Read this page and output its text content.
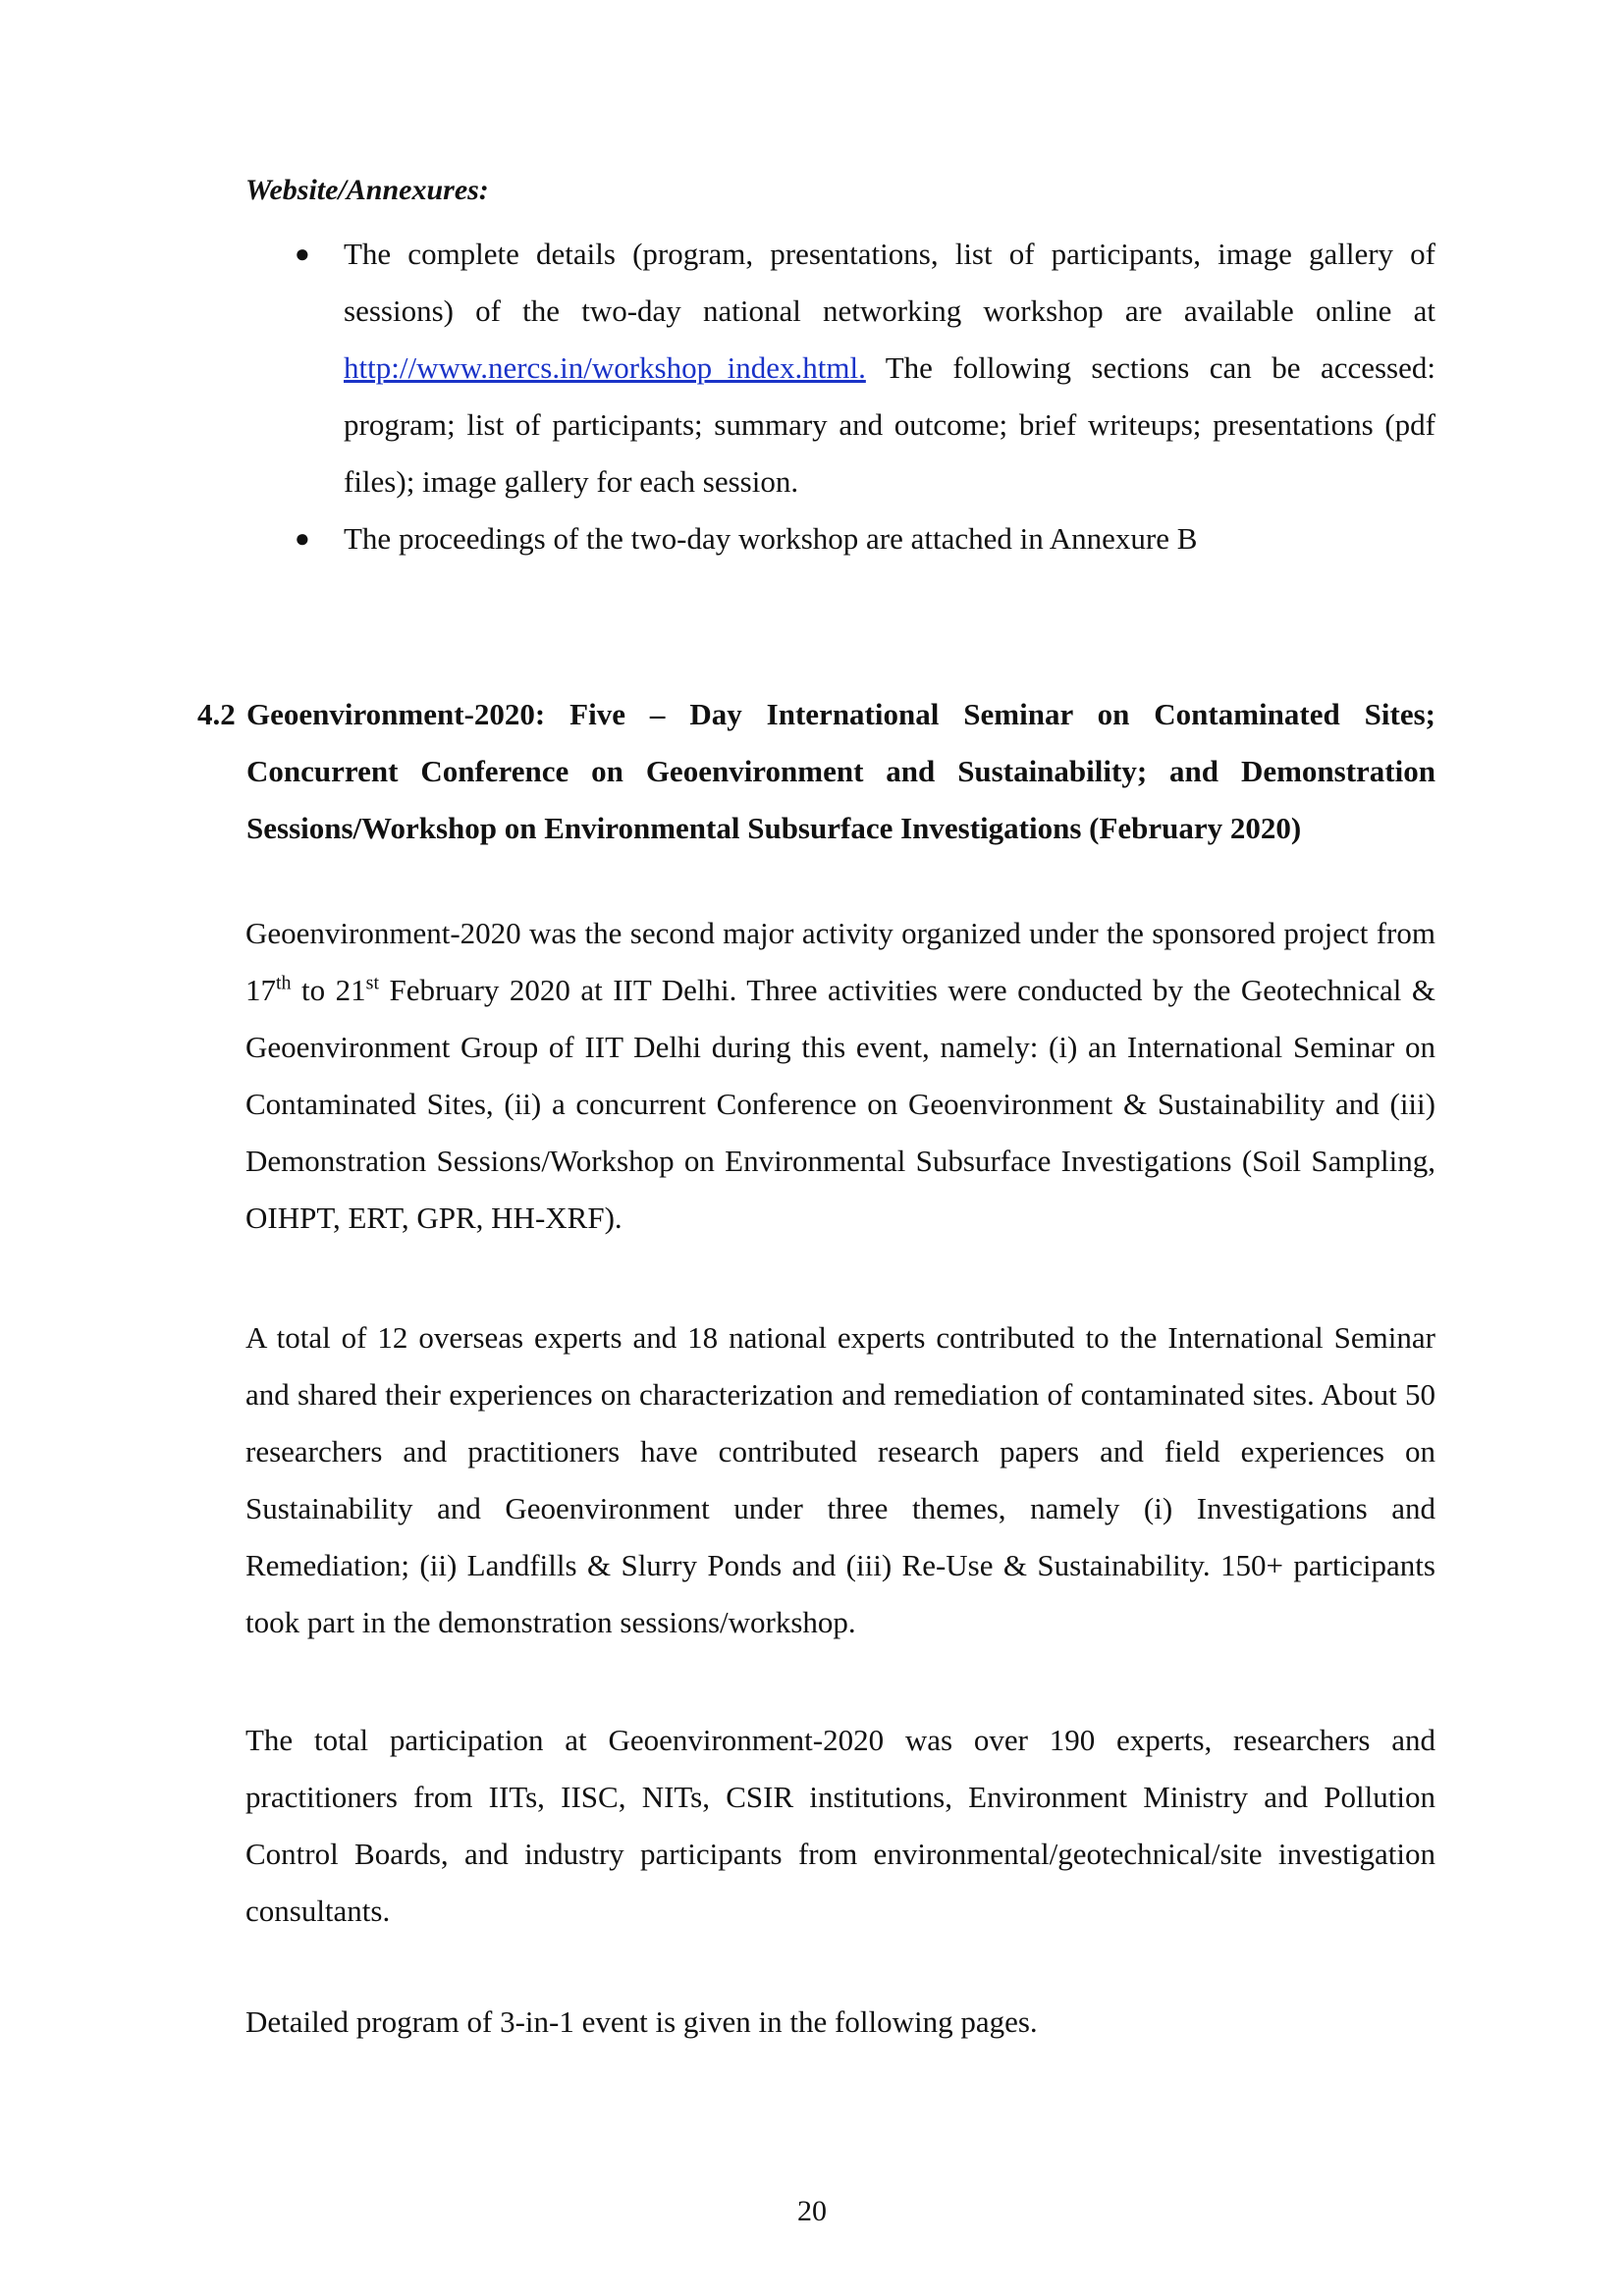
Website/Annexures:
● The complete details (program, presentations, list of participants, image gallery of sessions) of the two-day national networking workshop are available online at http://www.nercs.in/workshop_index.html. The following sections can be accessed: program; list of participants; summary and outcome; brief writeups; presentations (pdf files); image gallery for each session.
● The proceedings of the two-day workshop are attached in Annexure B
4.2 Geoenvironment-2020: Five – Day International Seminar on Contaminated Sites; Concurrent Conference on Geoenvironment and Sustainability; and Demonstration Sessions/Workshop on Environmental Subsurface Investigations (February 2020)

Geoenvironment-2020 was the second major activity organized under the sponsored project from 17th to 21st February 2020 at IIT Delhi. Three activities were conducted by the Geotechnical & Geoenvironment Group of IIT Delhi during this event, namely: (i) an International Seminar on Contaminated Sites, (ii) a concurrent Conference on Geoenvironment & Sustainability and (iii) Demonstration Sessions/Workshop on Environmental Subsurface Investigations (Soil Sampling, OIHPT, ERT, GPR, HH-XRF).

A total of 12 overseas experts and 18 national experts contributed to the International Seminar and shared their experiences on characterization and remediation of contaminated sites. About 50 researchers and practitioners have contributed research papers and field experiences on Sustainability and Geoenvironment under three themes, namely (i) Investigations and Remediation; (ii) Landfills & Slurry Ponds and (iii) Re-Use & Sustainability. 150+ participants took part in the demonstration sessions/workshop.

The total participation at Geoenvironment-2020 was over 190 experts, researchers and practitioners from IITs, IISC, NITs, CSIR institutions, Environment Ministry and Pollution Control Boards, and industry participants from environmental/geotechnical/site investigation consultants.

Detailed program of 3-in-1 event is given in the following pages.

20
